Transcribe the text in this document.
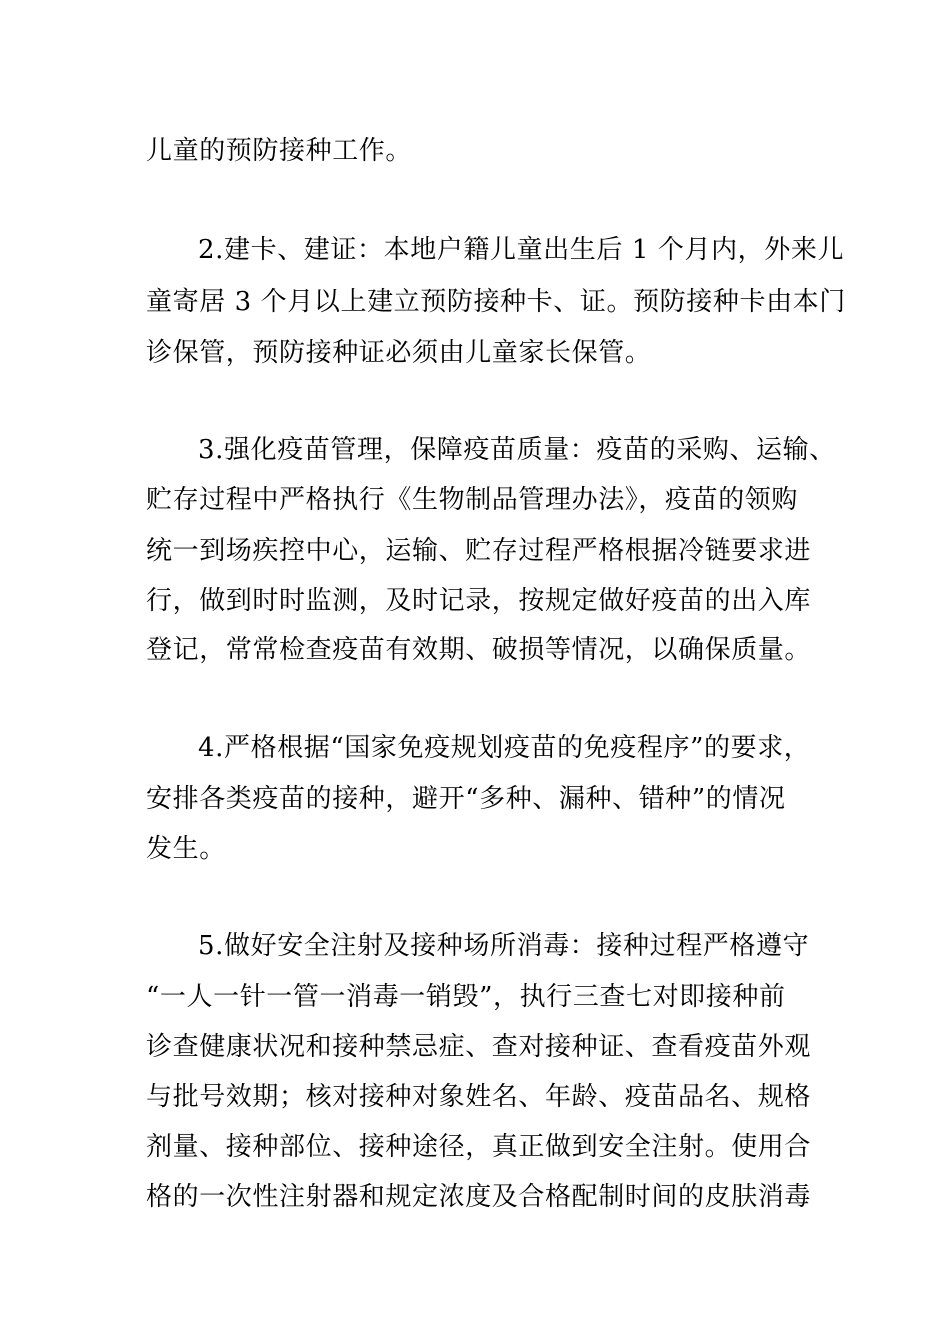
儿童的预防接种工作。
2.建卡、建证：本地户籍儿童出生后 1 个月内，外来儿
童寄居 3 个月以上建立预防接种卡、证。预防接种卡由本门
诊保管，预防接种证必须由儿童家长保管。
3.强化疫苗管理，保障疫苗质量：疫苗的采购、运输、
贮存过程中严格执行《生物制品管理办法》，疫苗的领购
统一到场疾控中心，运输、贮存过程严格根据冷链要求进
行，做到时时监测，及时记录，按规定做好疫苗的出入库
登记，常常检查疫苗有效期、破损等情况，以确保质量。
4.严格根据“国家免疫规划疫苗的免疫程序”的要求，
安排各类疫苗的接种，避开“多种、漏种、错种”的情况
发生。
5.做好安全注射及接种场所消毒：接种过程严格遵守
“一人一针一管一消毒一销毁”，执行三查七对即接种前
诊查健康状况和接种禁忌症、查对接种证、查看疫苗外观
与批号效期；核对接种对象姓名、年龄、疫苗品名、规格
剂量、接种部位、接种途径，真正做到安全注射。使用合
格的一次性注射器和规定浓度及合格配制时间的皮肤消毒
